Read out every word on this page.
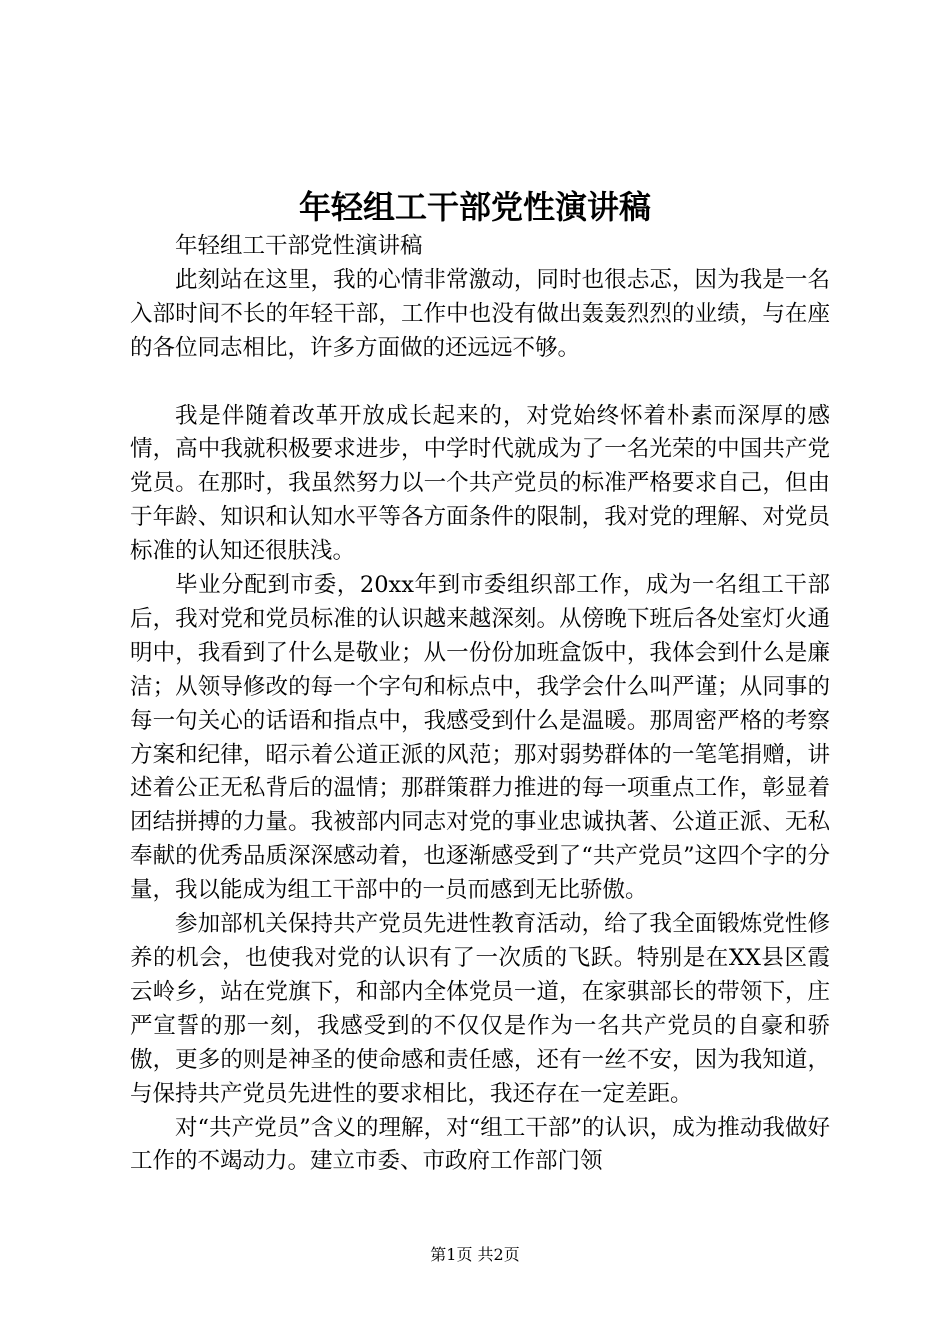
年轻组工干部党性演讲稿

年轻组工干部党性演讲稿

此刻站在这里，我的心情非常激动，同时也很忐忑，因为我是一名入部时间不长的年轻干部，工作中也没有做出轰轰烈烈的业绩，与在座的各位同志相比，许多方面做的还远远不够。

我是伴随着改革开放成长起来的，对党始终怀着朴素而深厚的感情，高中我就积极要求进步，中学时代就成为了一名光荣的中国共产党党员。在那时，我虽然努力以一个共产党员的标准严格要求自己，但由于年龄、知识和认知水平等各方面条件的限制，我对党的理解、对党员标准的认知还很肤浅。

毕业分配到市委，20xx年到市委组织部工作，成为一名组工干部后，我对党和党员标准的认识越来越深刻。从傍晚下班后各处室灯火通明中，我看到了什么是敬业；从一份份加班盒饭中，我体会到什么是廉洁；从领导修改的每一个字句和标点中，我学会什么叫严谨；从同事的每一句关心的话语和指点中，我感受到什么是温暖。那周密严格的考察方案和纪律，昭示着公道正派的风范；那对弱势群体的一笔笔捐赠，讲述着公正无私背后的温情；那群策群力推进的每一项重点工作，彰显着团结拼搏的力量。我被部内同志对党的事业忠诚执著、公道正派、无私奉献的优秀品质深深感动着，也逐渐感受到了“共产党员”这四个字的分量，我以能成为组工干部中的一员而感到无比骄傲。

参加部机关保持共产党员先进性教育活动，给了我全面锻炼党性修养的机会，也使我对党的认识有了一次质的飞跃。特别是在XX县区霞云岭乡，站在党旗下，和部内全体党员一道，在家骐部长的带领下，庄严宣誓的那一刻，我感受到的不仅仅是作为一名共产党员的自豪和骄傲，更多的则是神圣的使命感和责任感，还有一丝不安，因为我知道，与保持共产党员先进性的要求相比，我还存在一定差距。

对“共产党员”含义的理解，对“组工干部”的认识，成为推动我做好工作的不竭动力。建立市委、市政府工作部门领

第1页 共2页
